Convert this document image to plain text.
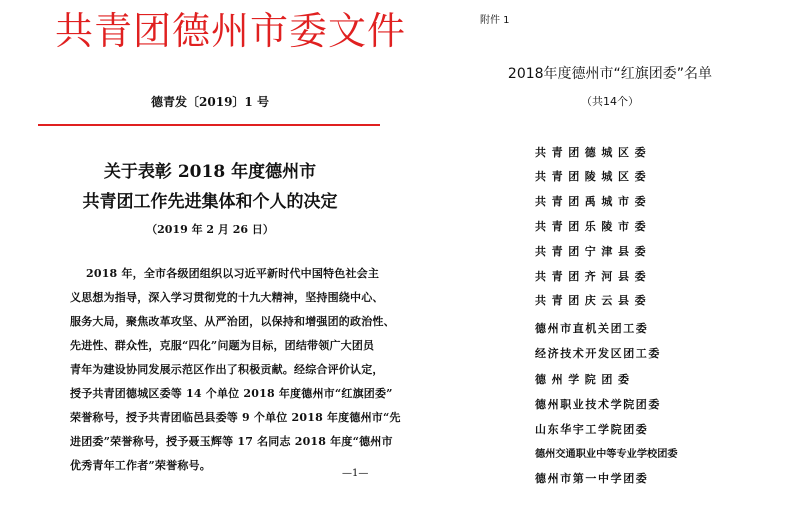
共青团德州市委文件
德青发〔2019〕1 号
关于表彰 2018 年度德州市
共青团工作先进集体和个人的决定
（2019 年 2 月 26 日）
2018 年，全市各级团组织以习近平新时代中国特色社会主
义思想为指导，深入学习贯彻党的十九大精神，坚持围绕中心、
服务大局，聚焦改革攻坚、从严治团，以保持和增强团的政治性、
先进性、群众性，克服“四化”问题为目标，团结带领广大团员
青年为建设协同发展示范区作出了积极贡献。经综合评价认定，
授予共青团德城区委等 14 个单位 2018 年度德州市“红旗团委”
荣誉称号，授予共青团临邑县委等 9 个单位 2018 年度德州市“先
进团委”荣誉称号，授予聂玉辉等 17 名同志 2018 年度“德州市
优秀青年工作者”荣誉称号。
—1—
附件 1
2018年度德州市“红旗团委”名单
（共14个）
共青团德城区委
共青团陵城区委
共青团禹城市委
共青团乐陵市委
共青团宁津县委
共青团齐河县委
共青团庆云县委
德州市直机关团工委
经济技术开发区团工委
德州学院团委
德州职业技术学院团委
山东华宇工学院团委
德州交通职业中等专业学校团委
德州市第一中学团委
